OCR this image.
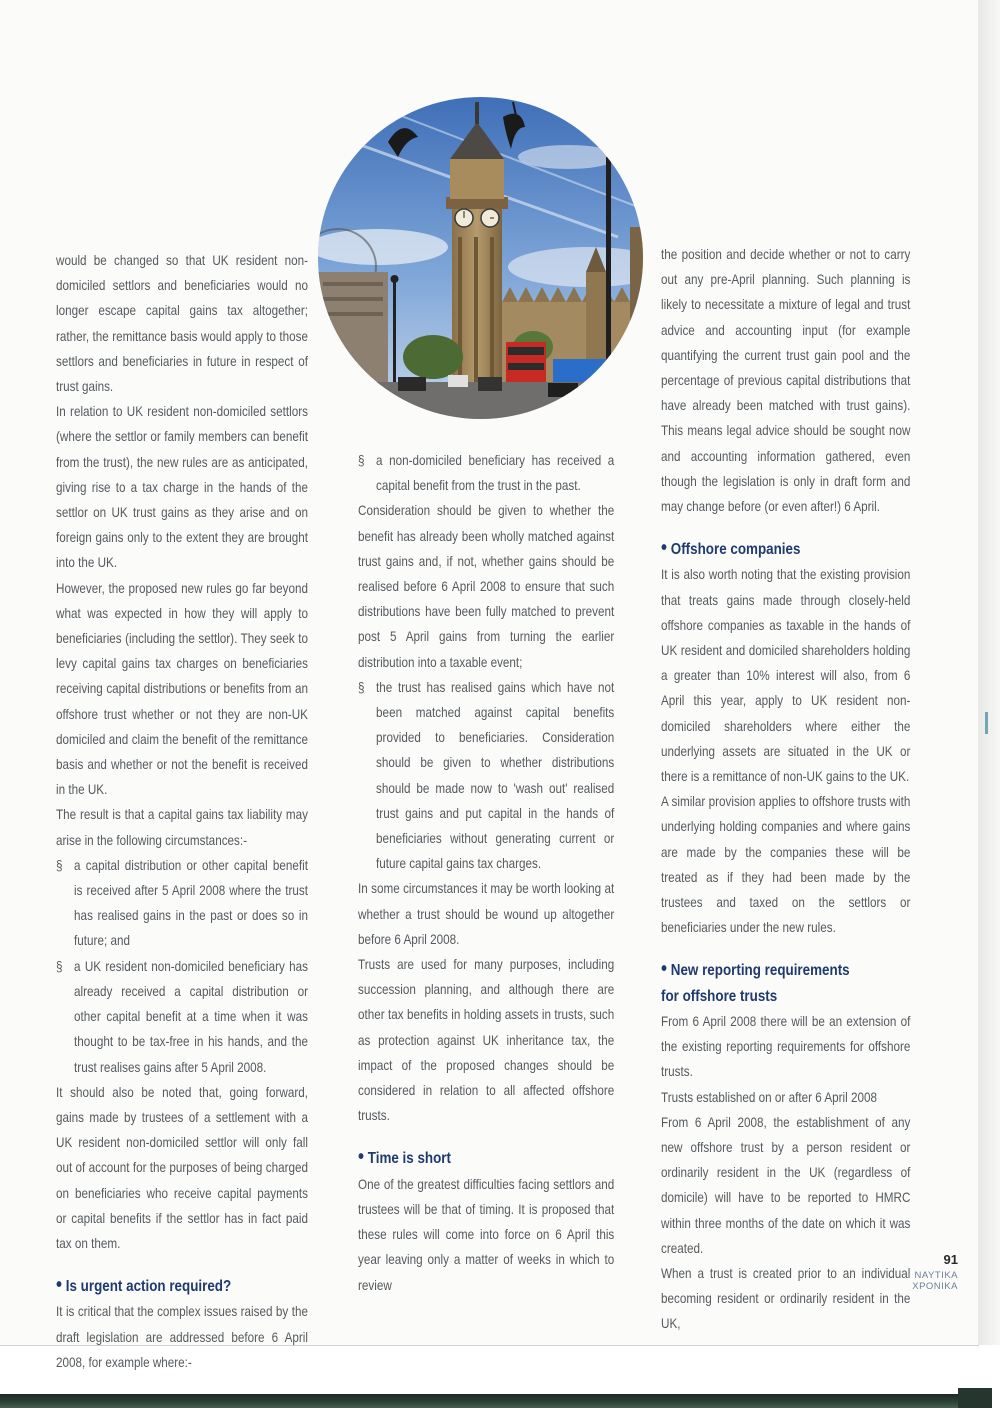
would be changed so that UK resident non-domiciled settlors and beneficiaries would no longer escape capital gains tax altogether; rather, the remittance basis would apply to those settlors and beneficiaries in future in respect of trust gains.

In relation to UK resident non-domiciled settlors (where the settlor or family members can benefit from the trust), the new rules are as anticipated, giving rise to a tax charge in the hands of the settlor on UK trust gains as they arise and on foreign gains only to the extent they are brought into the UK.

However, the proposed new rules go far beyond what was expected in how they will apply to beneficiaries (including the settlor). They seek to levy capital gains tax charges on beneficiaries receiving capital distributions or benefits from an offshore trust whether or not they are non-UK domiciled and claim the benefit of the remittance basis and whether or not the benefit is received in the UK.

The result is that a capital gains tax liability may arise in the following circumstances:-

§ a capital distribution or other capital benefit is received after 5 April 2008 where the trust has realised gains in the past or does so in future; and

§ a UK resident non-domiciled beneficiary has already received a capital distribution or other capital benefit at a time when it was thought to be tax-free in his hands, and the trust realises gains after 5 April 2008.

It should also be noted that, going forward, gains made by trustees of a settlement with a UK resident non-domiciled settlor will only fall out of account for the purposes of being charged on beneficiaries who receive capital payments or capital benefits if the settlor has in fact paid tax on them.

• Is urgent action required?

It is critical that the complex issues raised by the draft legislation are addressed before 6 April 2008, for example where:-

§ a non-domiciled beneficiary has received a capital benefit from the trust in the past.

Consideration should be given to whether the benefit has already been wholly matched against trust gains and, if not, whether gains should be realised before 6 April 2008 to ensure that such distributions have been fully matched to prevent post 5 April gains from turning the earlier distribution into a taxable event;

§ the trust has realised gains which have not been matched against capital benefits provided to beneficiaries. Consideration should be given to whether distributions should be made now to 'wash out' realised trust gains and put capital in the hands of beneficiaries without generating current or future capital gains tax charges.

In some circumstances it may be worth looking at whether a trust should be wound up altogether before 6 April 2008.

Trusts are used for many purposes, including succession planning, and although there are other tax benefits in holding assets in trusts, such as protection against UK inheritance tax, the impact of the proposed changes should be considered in relation to all affected offshore trusts.

• Time is short

One of the greatest difficulties facing settlors and trustees will be that of timing. It is proposed that these rules will come into force on 6 April this year leaving only a matter of weeks in which to review

the position and decide whether or not to carry out any pre-April planning. Such planning is likely to necessitate a mixture of legal and trust advice and accounting input (for example quantifying the current trust gain pool and the percentage of previous capital distributions that have already been matched with trust gains). This means legal advice should be sought now and accounting information gathered, even though the legislation is only in draft form and may change before (or even after!) 6 April.

• Offshore companies

It is also worth noting that the existing provision that treats gains made through closely-held offshore companies as taxable in the hands of UK resident and domiciled shareholders holding a greater than 10% interest will also, from 6 April this year, apply to UK resident non-domiciled shareholders where either the underlying assets are situated in the UK or there is a remittance of non-UK gains to the UK.

A similar provision applies to offshore trusts with underlying holding companies and where gains are made by the companies these will be treated as if they had been made by the trustees and taxed on the settlors or beneficiaries under the new rules.

• New reporting requirements
for offshore trusts

From 6 April 2008 there will be an extension of the existing reporting requirements for offshore trusts.

Trusts established on or after 6 April 2008

From 6 April 2008, the establishment of any new offshore trust by a person resident or ordinarily resident in the UK (regardless of domicile) will have to be reported to HMRC within three months of the date on which it was created.

When a trust is created prior to an individual becoming resident or ordinarily resident in the UK,

91
ΝΑΥΤΙΚΑ
ΧΡΟΝΙΚΑ
